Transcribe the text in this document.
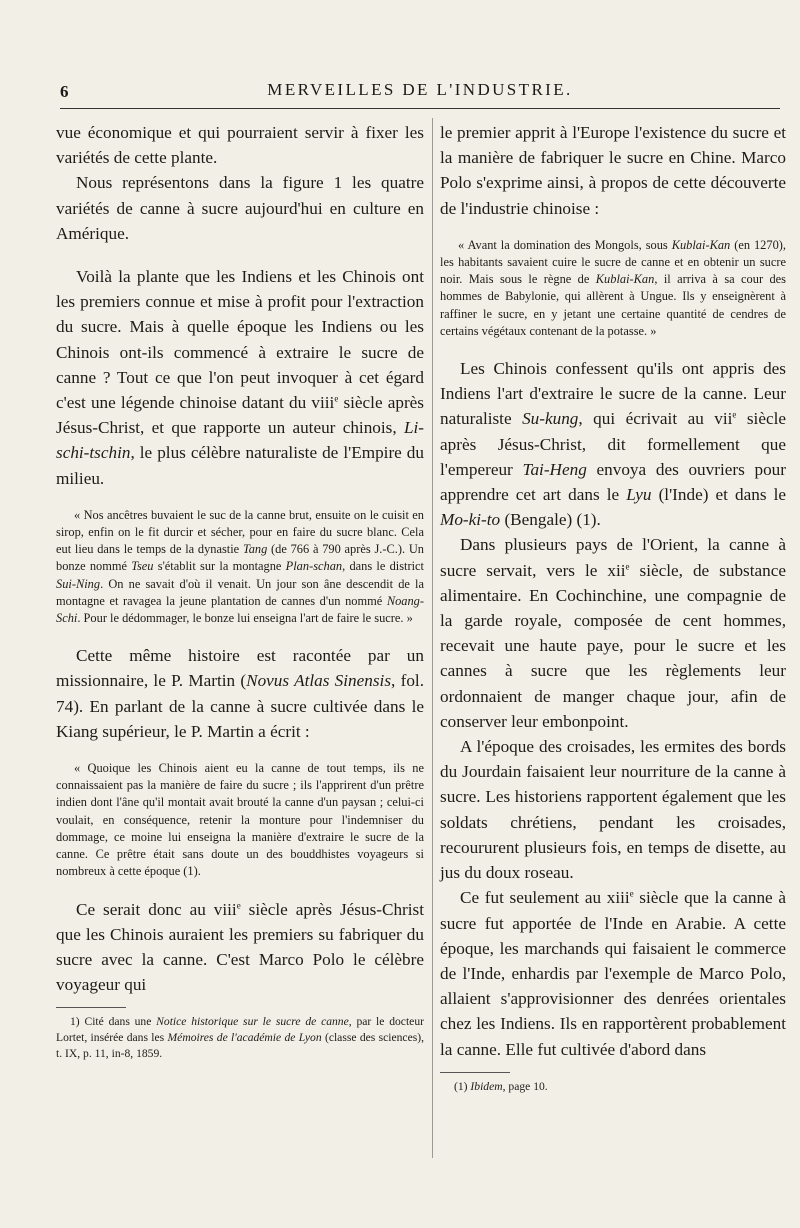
6	MERVEILLES DE L'INDUSTRIE.

vue économique et qui pourraient servir à fixer les variétés de cette plante.

Nous représentons dans la figure 1 les quatre variétés de canne à sucre aujourd'hui en culture en Amérique.

Voilà la plante que les Indiens et les Chinois ont les premiers connue et mise à profit pour l'extraction du sucre. Mais à quelle époque les Indiens ou les Chinois ont-ils commencé à extraire le sucre de canne ? Tout ce que l'on peut invoquer à cet égard c'est une légende chinoise datant du viii$^e$ siècle après Jésus-Christ, et que rapporte un auteur chinois, Li-schi-tschin, le plus célèbre naturaliste de l'Empire du milieu.

« Nos ancêtres buvaient le suc de la canne brut, ensuite on le cuisit en sirop, enfin on le fit durcir et sécher, pour en faire du sucre blanc. Cela eut lieu dans le temps de la dynastie Tang (de 766 à 790 après J.-C.). Un bonze nommé Tseu s'établit sur la montagne Plan-schan, dans le district Sui-Ning. On ne savait d'où il venait. Un jour son âne descendit de la montagne et ravagea la jeune plantation de cannes d'un nommé Noang-Schi. Pour le dédommager, le bonze lui enseigna l'art de faire le sucre. »

Cette même histoire est racontée par un missionnaire, le P. Martin (Novus Atlas Sinensis, fol. 74). En parlant de la canne à sucre cultivée dans le Kiang supérieur, le P. Martin a écrit :

« Quoique les Chinois aient eu la canne de tout temps, ils ne connaissaient pas la manière de faire du sucre ; ils l'apprirent d'un prêtre indien dont l'âne qu'il montait avait brouté la canne d'un paysan ; celui-ci voulait, en conséquence, retenir la monture pour l'indemniser du dommage, ce moine lui enseigna la manière d'extraire le sucre de la canne. Ce prêtre était sans doute un des bouddhistes voyageurs si nombreux à cette époque (1).

Ce serait donc au viii$^e$ siècle après Jésus-Christ que les Chinois auraient les premiers su fabriquer du sucre avec la canne. C'est Marco Polo le célèbre voyageur qui

1) Cité dans une Notice historique sur le sucre de canne, par le docteur Lortet, insérée dans les Mémoires de l'académie de Lyon (classe des sciences), t. IX, p. 11, in-8, 1859.

le premier apprit à l'Europe l'existence du sucre et la manière de fabriquer le sucre en Chine. Marco Polo s'exprime ainsi, à propos de cette découverte de l'industrie chinoise :

« Avant la domination des Mongols, sous Kublai-Kan (en 1270), les habitants savaient cuire le sucre de canne et en obtenir un sucre noir. Mais sous le règne de Kublai-Kan, il arriva à sa cour des hommes de Babylonie, qui allèrent à Ungue. Ils y enseignèrent à raffiner le sucre, en y jetant une certaine quantité de cendres de certains végétaux contenant de la potasse. »

Les Chinois confessent qu'ils ont appris des Indiens l'art d'extraire le sucre de la canne. Leur naturaliste Su-kung, qui écrivait au vii$^e$ siècle après Jésus-Christ, dit formellement que l'empereur Tai-Heng envoya des ouvriers pour apprendre cet art dans le Lyu (l'Inde) et dans le Mo-ki-to (Bengale) (1).

Dans plusieurs pays de l'Orient, la canne à sucre servait, vers le xii$^e$ siècle, de substance alimentaire. En Cochinchine, une compagnie de la garde royale, composée de cent hommes, recevait une haute paye, pour le sucre et les cannes à sucre que les règlements leur ordonnaient de manger chaque jour, afin de conserver leur embonpoint.

A l'époque des croisades, les ermites des bords du Jourdain faisaient leur nourriture de la canne à sucre. Les historiens rapportent également que les soldats chrétiens, pendant les croisades, recoururent plusieurs fois, en temps de disette, au jus du doux roseau.

Ce fut seulement au xiii$^e$ siècle que la canne à sucre fut apportée de l'Inde en Arabie. A cette époque, les marchands qui faisaient le commerce de l'Inde, enhardis par l'exemple de Marco Polo, allaient s'approvisionner des denrées orientales chez les Indiens. Ils en rapportèrent probablement la canne. Elle fut cultivée d'abord dans

(1) Ibidem, page 10.
